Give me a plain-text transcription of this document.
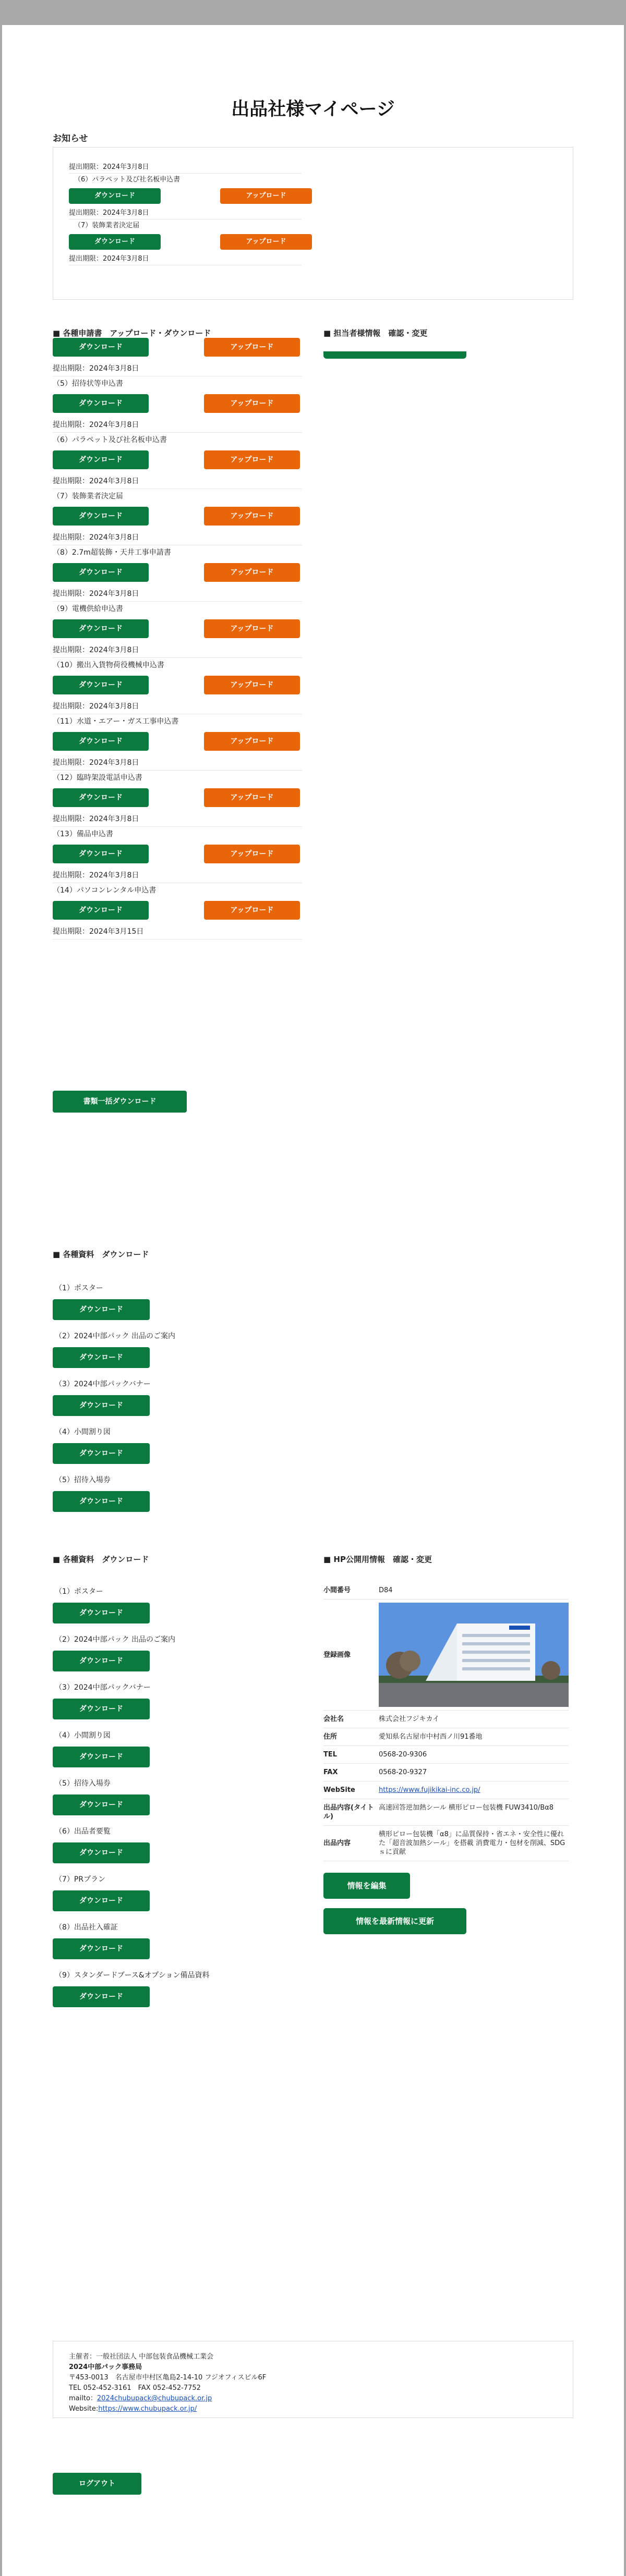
出品社様マイページ
お知らせ
提出期限：2024年3月8日
（6）パラペット及び社名板申込書
ダウンロード	アップロード
提出期限：2024年3月8日
（7）装飾業者決定届
ダウンロード	アップロード
提出期限：2024年3月8日
■ 各種申請書　アップロード・ダウンロード
ダウンロード	アップロード
提出期限：2024年3月8日
（5）招待状等申込書
ダウンロード	アップロード
提出期限：2024年3月8日
（6）パラペット及び社名板申込書
ダウンロード	アップロード
提出期限：2024年3月8日
（7）装飾業者決定届
ダウンロード	アップロード
提出期限：2024年3月8日
（8）2.7m超装飾・天井工事申請書
ダウンロード	アップロード
提出期限：2024年3月8日
（9）電機供給申込書
ダウンロード	アップロード
提出期限：2024年3月8日
（10）搬出入貨物荷役機械申込書
ダウンロード	アップロード
提出期限：2024年3月8日
（11）水道・エアー・ガス工事申込書
ダウンロード	アップロード
提出期限：2024年3月8日
（12）臨時架設電話申込書
ダウンロード	アップロード
提出期限：2024年3月8日
（13）備品申込書
ダウンロード	アップロード
提出期限：2024年3月8日
（14）パソコンレンタル申込書
ダウンロード	アップロード
提出期限：2024年3月15日
書類一括ダウンロード
■ 担当者様情報　確認・変更
■ 各種資料　ダウンロード
（1）ポスター
ダウンロード
（2）2024中部パック 出品のご案内
ダウンロード
（3）2024中部パックバナー
ダウンロード
（4）小間割り図
ダウンロード
（5）招待入場券
ダウンロード
■ 各種資料　ダウンロード
（1）ポスター
ダウンロード
（2）2024中部パック 出品のご案内
ダウンロード
（3）2024中部パックバナー
ダウンロード
（4）小間割り図
ダウンロード
（5）招待入場券
ダウンロード
（6）出品者要覧
ダウンロード
（7）PRプラン
ダウンロード
（8）出品社入確証
ダウンロード
（9）スタンダードブース&オプション備品資料
ダウンロード
■ HP公開用情報　確認・変更
小間番号	D84
登録画像
会社名	株式会社フジキカイ
住所	愛知県名古屋市中村西ノ川91番地
TEL	0568-20-9306
FAX	0568-20-9327
WebSite	https://www.fujikikai-inc.co.jp/
出品内容(タイトル)
高速回答逆加熱シール 横形ピロー包装機 FUW3410/Bα8
出品内容
横形ピロー包装機「α8」に品質保持・省エネ・安全性に優れた「超音波加熱シール」を搭載 消費電力・包材を削減、SDGｓに貢献
情報を編集
情報を最新情報に更新
主催者：一般社団法人 中部包装食品機械工業会
2024中部パック事務局
〒453-0013　名古屋市中村区亀島2-14-10 フジオフィスビル6F
TEL 052-452-3161　FAX 052-452-7752
mailto：2024chubupack@chubupack.or.jp
Website:https://www.chubupack.or.jp/
ログアウト
